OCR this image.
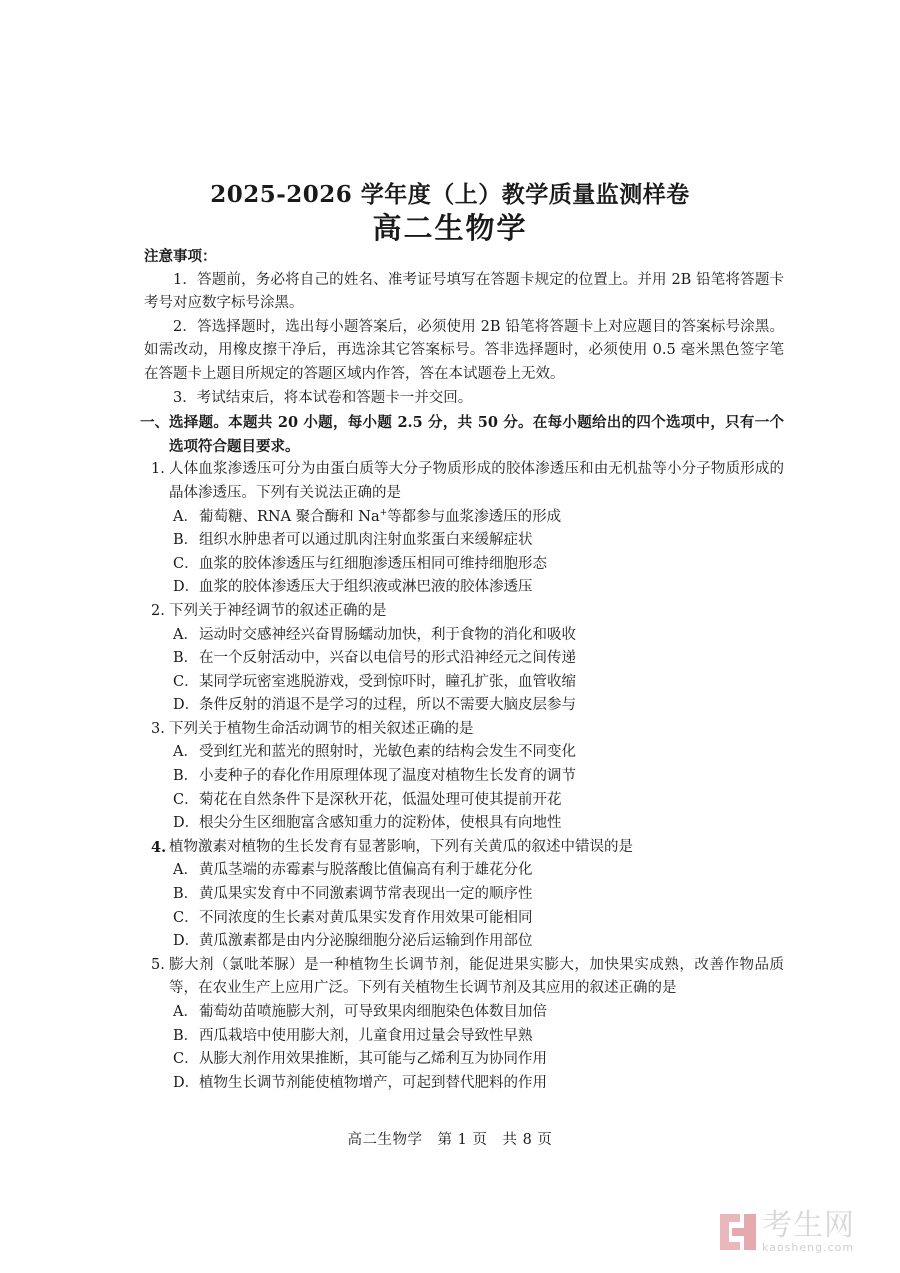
2025-2026 学年度（上）教学质量监测样卷
高二生物学
注意事项：

1．答题前，务必将自己的姓名、准考证号填写在答题卡规定的位置上。并用 2B 铅笔将答题卡考号对应数字标号涂黑。

2．答选择题时，选出每小题答案后，必须使用 2B 铅笔将答题卡上对应题目的答案标号涂黑。如需改动，用橡皮擦干净后，再选涂其它答案标号。答非选择题时，必须使用 0.5 毫米黑色签字笔在答题卡上题目所规定的答题区域内作答，答在本试题卷上无效。

3．考试结束后，将本试卷和答题卡一并交回。

一、 选择题。本题共 20 小题，每小题 2.5 分，共 50 分。在每小题给出的四个选项中，只有一个选项符合题目要求。
1. 人体血浆渗透压可分为由蛋白质等大分子物质形成的胶体渗透压和由无机盐等小分子物质形成的晶体渗透压。下列有关说法正确的是
A． 葡萄糖、RNA 聚合酶和 Na+等都参与血浆渗透压的形成
B． 组织水肿患者可以通过肌肉注射血浆蛋白来缓解症状
C． 血浆的胶体渗透压与红细胞渗透压相同可维持细胞形态
D． 血浆的胶体渗透压大于组织液或淋巴液的胶体渗透压
2. 下列关于神经调节的叙述正确的是
A． 运动时交感神经兴奋胃肠蠕动加快，利于食物的消化和吸收
B． 在一个反射活动中，兴奋以电信号的形式沿神经元之间传递
C． 某同学玩密室逃脱游戏，受到惊吓时，瞳孔扩张，血管收缩
D． 条件反射的消退不是学习的过程，所以不需要大脑皮层参与
3. 下列关于植物生命活动调节的相关叙述正确的是
A． 受到红光和蓝光的照射时，光敏色素的结构会发生不同变化
B． 小麦种子的春化作用原理体现了温度对植物生长发育的调节
C． 菊花在自然条件下是深秋开花，低温处理可使其提前开花
D． 根尖分生区细胞富含感知重力的淀粉体，使根具有向地性
4. 植物激素对植物的生长发育有显著影响，下列有关黄瓜的叙述中错误的是
A． 黄瓜茎端的赤霉素与脱落酸比值偏高有利于雄花分化
B． 黄瓜果实发育中不同激素调节常表现出一定的顺序性
C． 不同浓度的生长素对黄瓜果实发育作用效果可能相同
D． 黄瓜激素都是由内分泌腺细胞分泌后运输到作用部位
5. 膨大剂（氯吡苯脲）是一种植物生长调节剂，能促进果实膨大，加快果实成熟，改善作物品质等，在农业生产上应用广泛。下列有关植物生长调节剂及其应用的叙述正确的是
A． 葡萄幼苗喷施膨大剂，可导致果肉细胞染色体数目加倍
B． 西瓜栽培中使用膨大剂，儿童食用过量会导致性早熟
C． 从膨大剂作用效果推断，其可能与乙烯利互为协同作用
D． 植物生长调节剂能使植物增产，可起到替代肥料的作用
高二生物学　第 1 页　共 8 页
考生网
kaosheng.com
